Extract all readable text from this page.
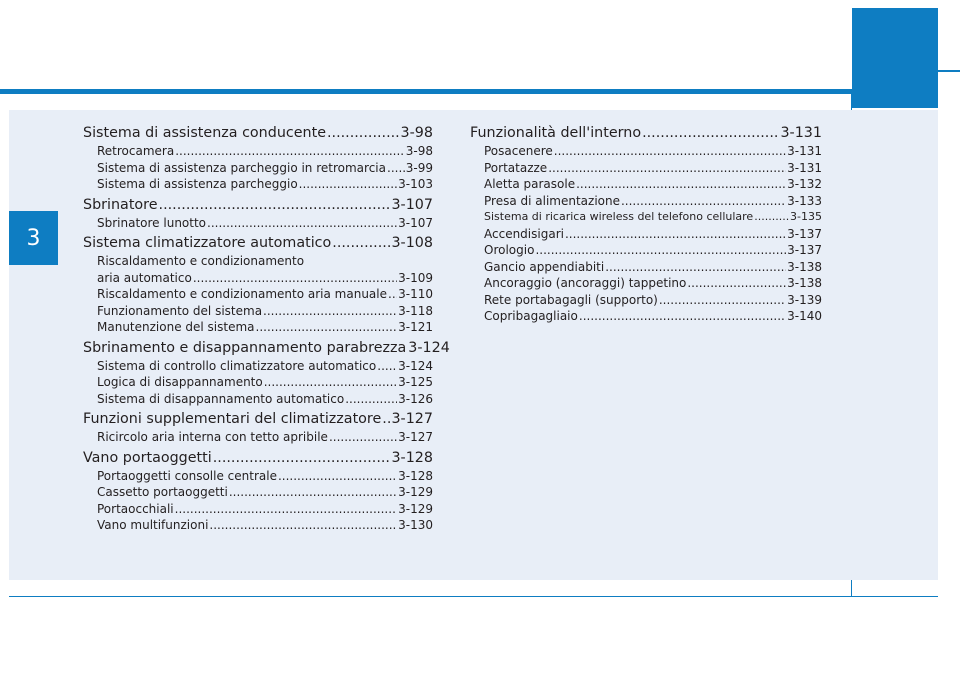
3
Sistema di assistenza conducente .....	3-98
Retrocamera .....	3-98
Sistema di assistenza parcheggio in retromarcia ..... 3-99
Sistema di assistenza parcheggio .....	3-103
Sbrinatore .....	3-107
Sbrinatore lunotto .....	3-107
Sistema climatizzatore automatico .....	3-108
Riscaldamento e condizionamento
aria automatico .....	3-109
Riscaldamento e condizionamento aria manuale ..... 3-110
Funzionamento del sistema .....	3-118
Manutenzione del sistema .....	3-121
Sbrinamento e disappannamento parabrezza 3-124
Sistema di controllo climatizzatore automatico ..... 3-124
Logica di disappannamento .....	3-125
Sistema di disappannamento automatico .....	3-126
Funzioni supplementari del climatizzatore ..... 3-127
Ricircolo aria interna con tetto apribile .....	3-127
Vano portaoggetti .....	3-128
Portaoggetti consolle centrale .....	3-128
Cassetto portaoggetti .....	3-129
Portaocchiali .....	3-129
Vano multifunzioni .....	3-130
Funzionalità dell'interno .....	3-131
Posacenere .....	3-131
Portatazze .....	3-131
Aletta parasole .....	3-132
Presa di alimentazione .....	3-133
Sistema di ricarica wireless del telefono cellulare .....	3-135
Accendisigari .....	3-137
Orologio .....	3-137
Gancio appendiabiti .....	3-138
Ancoraggio (ancoraggi) tappetino .....	3-138
Rete portabagagli (supporto) .....	3-139
Copribagagliaio .....	3-140
